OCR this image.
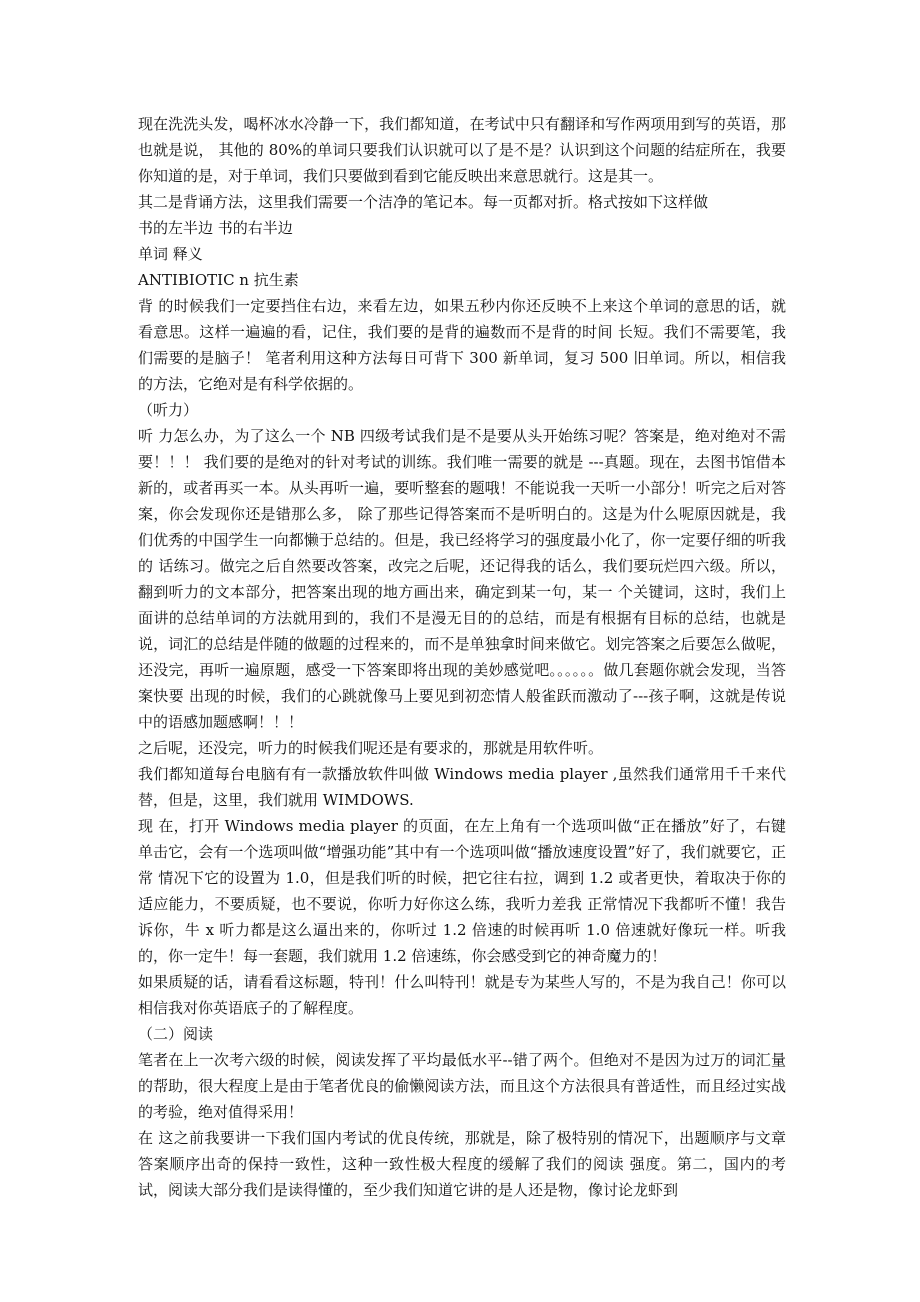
现在洗洗头发，喝杯冰水冷静一下，我们都知道，在考试中只有翻译和写作两项用到写的英语，那也就是说， 其他的 80%的单词只要我们认识就可以了是不是？认识到这个问题的结症所在，我要你知道的是，对于单词，我们只要做到看到它能反映出来意思就行。这是其一。

其二是背诵方法，这里我们需要一个洁净的笔记本。每一页都对折。格式按如下这样做

书的左半边 书的右半边

单词 释义

ANTIBIOTIC n 抗生素

背 的时候我们一定要挡住右边，来看左边，如果五秒内你还反映不上来这个单词的意思的话，就看意思。这样一遍遍的看，记住，我们要的是背的遍数而不是背的时间 长短。我们不需要笔，我们需要的是脑子！ 笔者利用这种方法每日可背下 300 新单词，复习 500 旧单词。所以，相信我的方法，它绝对是有科学依据的。

（听力）

听 力怎么办，为了这么一个 NB 四级考试我们是不是要从头开始练习呢？答案是，绝对绝对不需要！！！ 我们要的是绝对的针对考试的训练。我们唯一需要的就是 ---真题。现在，去图书馆借本新的，或者再买一本。从头再听一遍，要听整套的题哦！不能说我一天听一小部分！听完之后对答案，你会发现你还是错那么多， 除了那些记得答案而不是听明白的。这是为什么呢原因就是，我们优秀的中国学生一向都懒于总结的。但是，我已经将学习的强度最小化了，你一定要仔细的听我的 话练习。做完之后自然要改答案，改完之后呢，还记得我的话么，我们要玩烂四六级。所以，翻到听力的文本部分，把答案出现的地方画出来，确定到某一句，某一 个关键词，这时，我们上面讲的总结单词的方法就用到的，我们不是漫无目的的总结，而是有根据有目标的总结，也就是说，词汇的总结是伴随的做题的过程来的，而不是单独拿时间来做它。划完答案之后要怎么做呢，还没完，再听一遍原题，感受一下答案即将出现的美妙感觉吧。。。。。。做几套题你就会发现，当答案快要 出现的时候，我们的心跳就像马上要见到初恋情人般雀跃而激动了---孩子啊，这就是传说中的语感加题感啊！！！

之后呢，还没完，听力的时候我们呢还是有要求的，那就是用软件听。

我们都知道每台电脑有有一款播放软件叫做 Windows media player ,虽然我们通常用千千来代替，但是，这里，我们就用 WIMDOWS.

现 在，打开 Windows media player 的页面，在左上角有一个选项叫做“正在播放”好了，右键单击它，会有一个选项叫做“增强功能”其中有一个选项叫做“播放速度设置”好了，我们就要它，正常 情况下它的设置为 1.0，但是我们听的时候，把它往右拉，调到 1.2 或者更快，着取决于你的适应能力，不要质疑，也不要说，你听力好你这么练，我听力差我 正常情况下我都听不懂！我告诉你，牛 x 听力都是这么逼出来的，你听过 1.2 倍速的时候再听 1.0 倍速就好像玩一样。听我的，你一定牛！每一套题，我们就用 1.2 倍速练，你会感受到它的神奇魔力的！

如果质疑的话，请看看这标题，特刊！什么叫特刊！就是专为某些人写的，不是为我自己！你可以相信我对你英语底子的了解程度。

（二）阅读

笔者在上一次考六级的时候，阅读发挥了平均最低水平--错了两个。但绝对不是因为过万的词汇量的帮助，很大程度上是由于笔者优良的偷懒阅读方法，而且这个方法很具有普适性，而且经过实战的考验，绝对值得采用！

在 这之前我要讲一下我们国内考试的优良传统，那就是，除了极特别的情况下，出题顺序与文章答案顺序出奇的保持一致性，这种一致性极大程度的缓解了我们的阅读 强度。第二，国内的考试，阅读大部分我们是读得懂的，至少我们知道它讲的是人还是物，像讨论龙虾到
